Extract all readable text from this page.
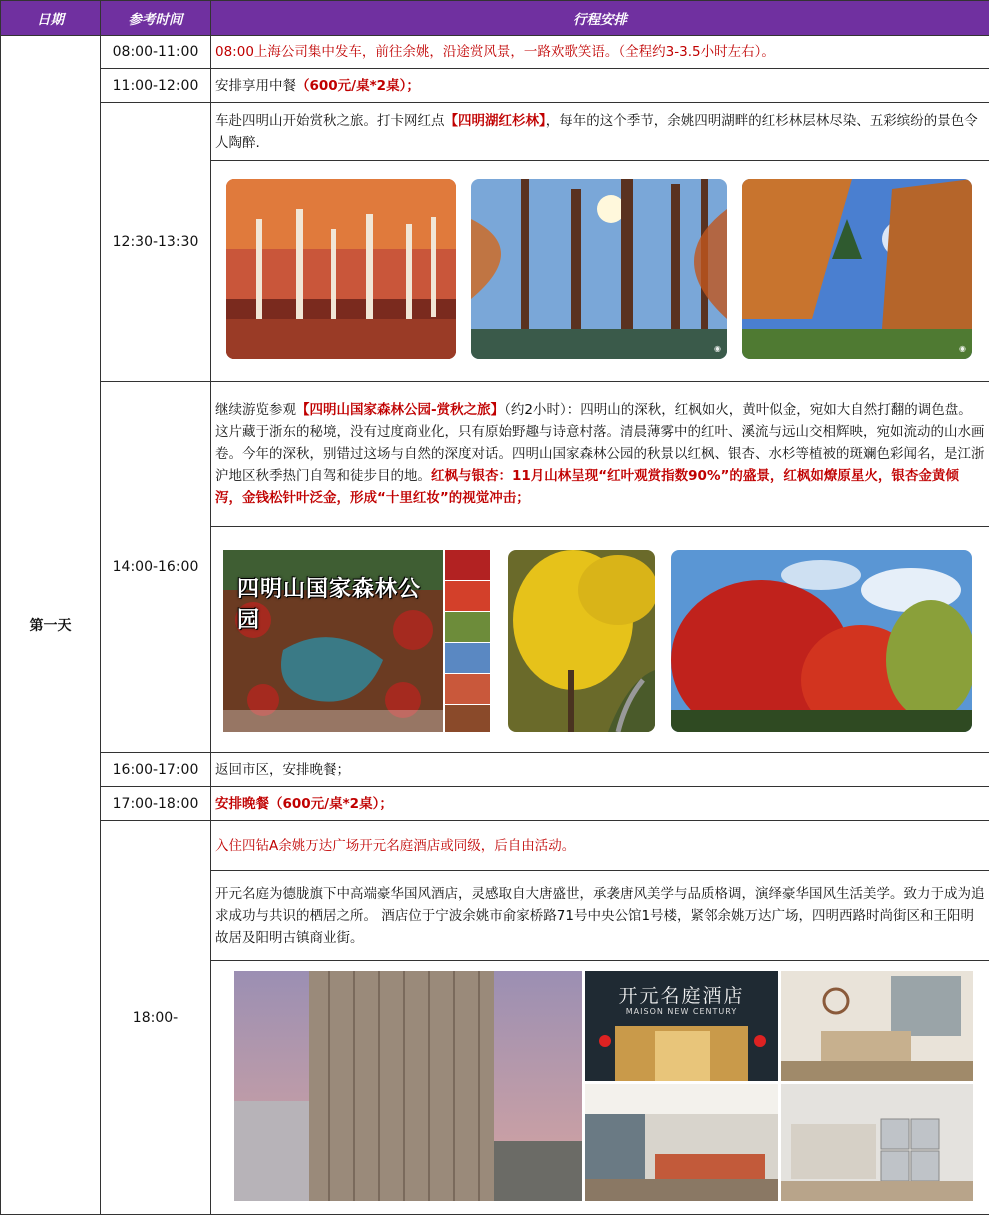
日期	参考时间	行程安排
第一天	08:00-11:00	08:00上海公司集中发车，前往余姚，沿途赏风景，一路欢歌笑语。（全程约3-3.5小时左右）。
	11:00-12:00	安排享用中餐（600元/桌*2桌）；
	12:30-13:30	车赴四明山开始赏秋之旅。打卡网红点【四明湖红杉林】，每年的这个季节，余姚四明湖畔的红杉林层林尽染、五彩缤纷的景色令人陶醉.

		◉ ◉

	14:00-16:00	继续游览参观【四明山国家森林公园-赏秋之旅】（约2小时）：四明山的深秋，红枫如火，黄叶似金，宛如大自然打翻的调色盘。这片藏于浙东的秘境，没有过度商业化，只有原始野趣与诗意村落。清晨薄雾中的红叶、溪流与远山交相辉映，宛如流动的山水画卷。今年的深秋，别错过这场与自然的深度对话。四明山国家森林公园的秋景以红枫、银杏、水杉等植被的斑斓色彩闻名，是江浙沪地区秋季热门自驾和徒步目的地。红枫与银杏：11月山林呈现“红叶观赏指数90%”的盛景，红枫如燎原星火，银杏金黄倾泻，金钱松针叶泛金，形成“十里红妆”的视觉冲击；

		四明山国家森林公园

	16:00-17:00	返回市区，安排晚餐；
	17:00-18:00	安排晚餐（600元/桌*2桌）；
	18:00-	入住四钻A余姚万达广场开元名庭酒店或同级，后自由活动。
		开元名庭为德胧旗下中高端豪华国风酒店，灵感取自大唐盛世，承袭唐风美学与品质格调，演绎豪华国风生活美学。致力于成为追求成功与共识的栖居之所。 酒店位于宁波余姚市俞家桥路71号中央公馆1号楼，紧邻余姚万达广场，四明西路时尚街区和王阳明故居及阳明古镇商业街。

		开元名庭酒店
MAISON NEW CENTURY
